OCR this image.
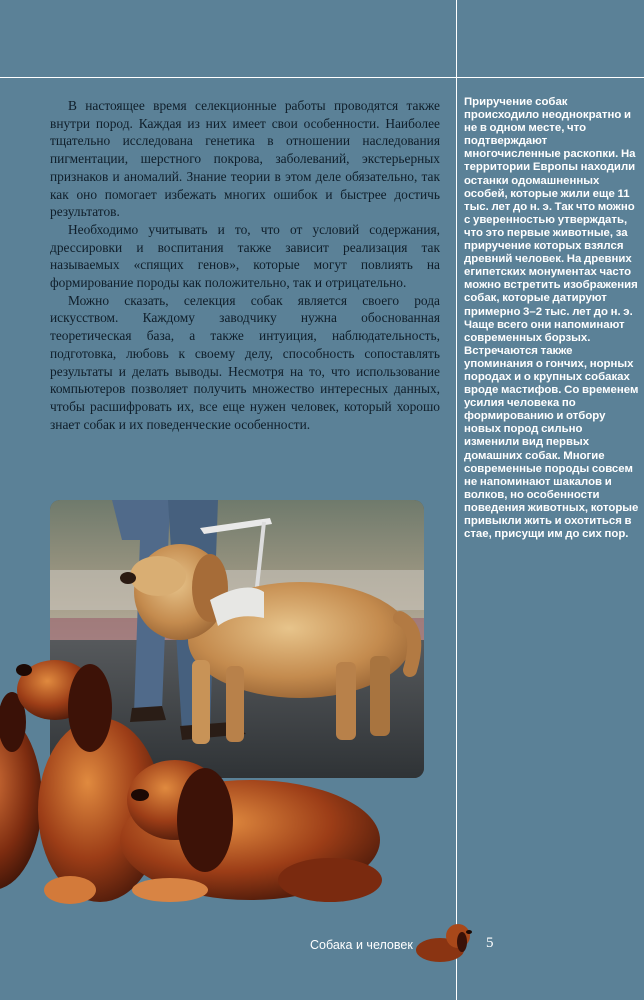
В настоящее время селекционные работы проводятся также внутри пород. Каждая из них имеет свои особенности. Наиболее тщательно исследована генетика в отношении наследования пигментации, шерстного покрова, заболеваний, экстерьерных признаков и аномалий. Знание теории в этом деле обязательно, так как оно помогает избежать многих ошибок и быстрее достичь результатов.

Необходимо учитывать и то, что от условий содержания, дрессировки и воспитания также зависит реализация так называемых «спящих генов», которые могут повлиять на формирование породы как положительно, так и отрицательно.

Можно сказать, селекция собак является своего рода искусством. Каждому заводчику нужна обоснованная теоретическая база, а также интуиция, наблюдательность, подготовка, любовь к своему делу, способность сопоставлять результаты и делать выводы. Несмотря на то, что использование компьютеров позволяет получить множество интересных данных, чтобы расшифровать их, все еще нужен человек, который хорошо знает собак и их поведенческие особенности.

Приручение собак происходило неоднократно и не в одном месте, что подтверждают многочисленные раскопки. На территории Европы находили останки одомашненных особей, которые жили еще 11 тыс. лет до н. э. Так что можно с уверенностью утверждать, что это первые животные, за приручение которых взялся древний человек. На древних египетских монументах часто можно встретить изображения собак, которые датируют примерно 3–2 тыс. лет до н. э. Чаще всего они напоминают современных борзых. Встречаются также упоминания о гончих, норных породах и о крупных собаках вроде мастифов. Со временем усилия человека по формированию и отбору новых пород сильно изменили вид первых домашних собак. Многие современные породы совсем не напоминают шакалов и волков, но особенности поведения животных, которые привыкли жить и охотиться в стае, присущи им до сих пор.

Собака и человек	5
